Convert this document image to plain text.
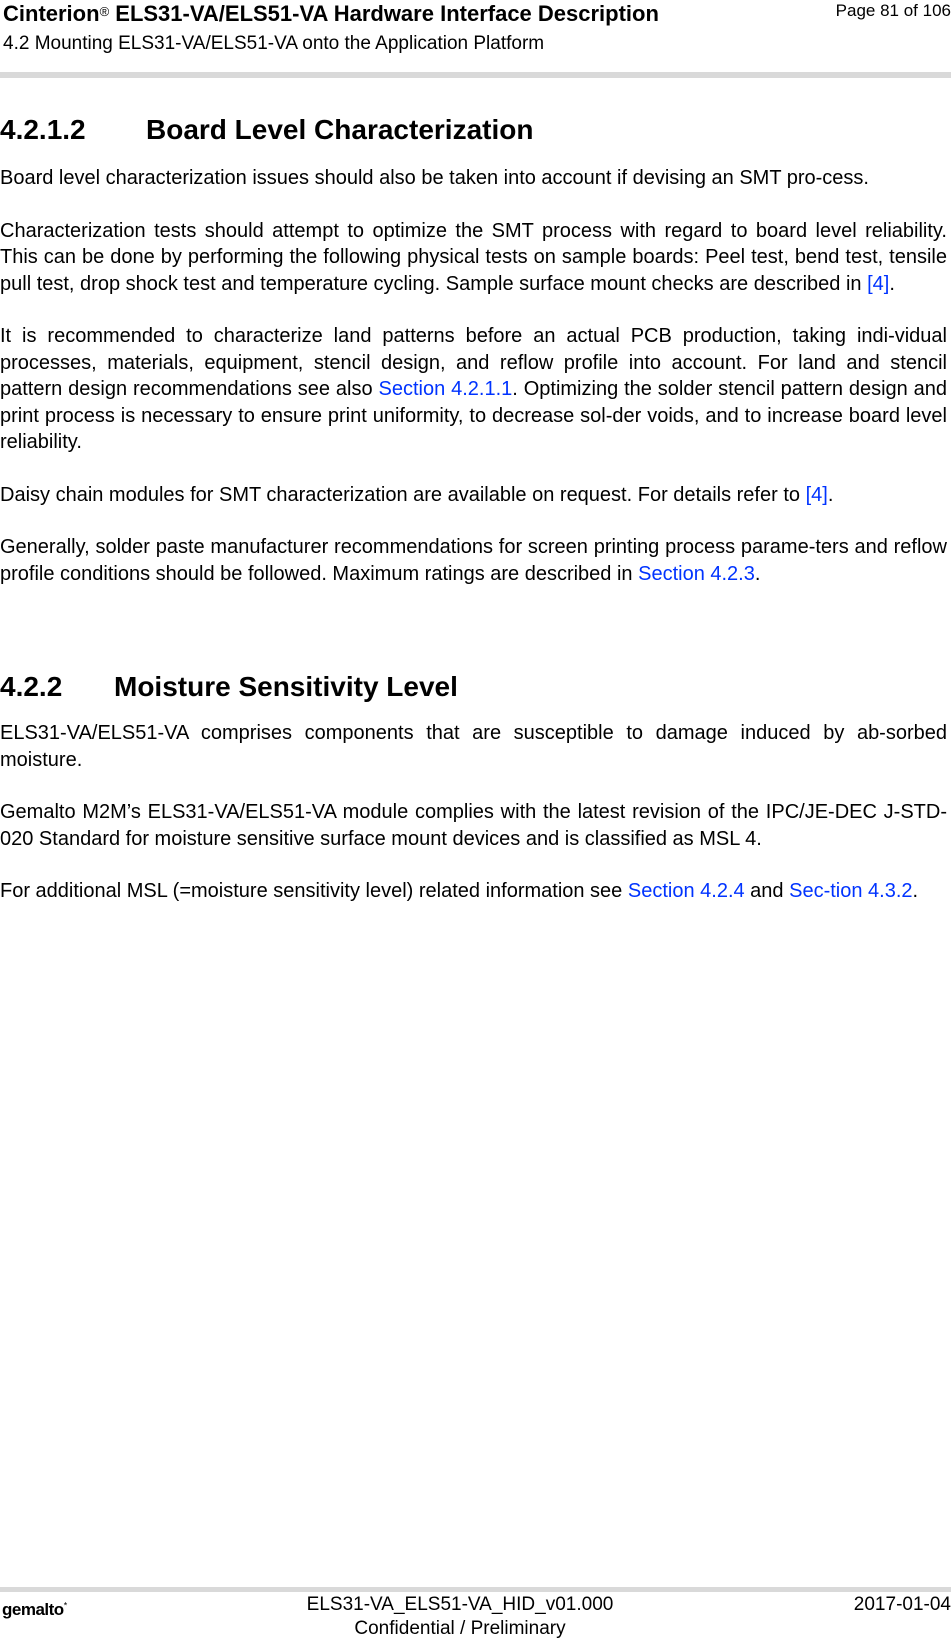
Cinterion® ELS31-VA/ELS51-VA Hardware Interface Description
4.2 Mounting ELS31-VA/ELS51-VA onto the Application Platform
Page 81 of 106
4.2.1.2 Board Level Characterization

Board level characterization issues should also be taken into account if devising an SMT pro-cess.

Characterization tests should attempt to optimize the SMT process with regard to board level reliability. This can be done by performing the following physical tests on sample boards: Peel test, bend test, tensile pull test, drop shock test and temperature cycling. Sample surface mount checks are described in [4].

It is recommended to characterize land patterns before an actual PCB production, taking indi-vidual processes, materials, equipment, stencil design, and reflow profile into account. For land and stencil pattern design recommendations see also Section 4.2.1.1. Optimizing the solder stencil pattern design and print process is necessary to ensure print uniformity, to decrease sol-der voids, and to increase board level reliability.

Daisy chain modules for SMT characterization are available on request. For details refer to [4].

Generally, solder paste manufacturer recommendations for screen printing process parame-ters and reflow profile conditions should be followed. Maximum ratings are described in Section 4.2.3.

4.2.2 Moisture Sensitivity Level

ELS31-VA/ELS51-VA comprises components that are susceptible to damage induced by ab-sorbed moisture.

Gemalto M2M’s ELS31-VA/ELS51-VA module complies with the latest revision of the IPC/JE-DEC J-STD-020 Standard for moisture sensitive surface mount devices and is classified as MSL 4.

For additional MSL (=moisture sensitivity level) related information see Section 4.2.4 and Sec-tion 4.3.2.

gemalto*	ELS31-VA_ELS51-VA_HID_v01.000
Confidential / Preliminary
2017-01-04
